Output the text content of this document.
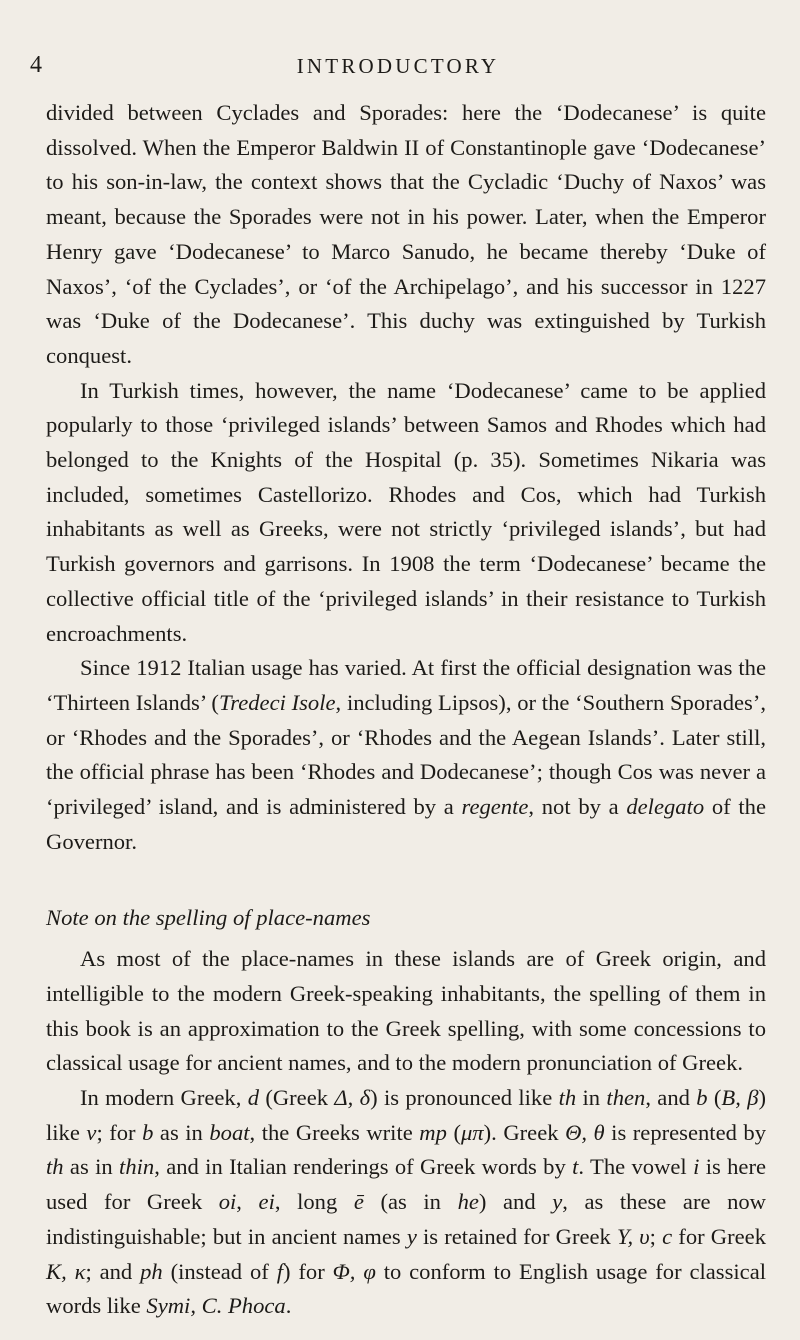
4	INTRODUCTORY

divided between Cyclades and Sporades: here the ‘Dodecanese’ is quite dissolved. When the Emperor Baldwin II of Constantinople gave ‘Dodecanese’ to his son-in-law, the context shows that the Cycladic ‘Duchy of Naxos’ was meant, because the Sporades were not in his power. Later, when the Emperor Henry gave ‘Dodecanese’ to Marco Sanudo, he became thereby ‘Duke of Naxos’, ‘of the Cyclades’, or ‘of the Archipelago’, and his successor in 1227 was ‘Duke of the Dodecanese’. This duchy was extinguished by Turkish conquest.

In Turkish times, however, the name ‘Dodecanese’ came to be applied popularly to those ‘privileged islands’ between Samos and Rhodes which had belonged to the Knights of the Hospital (p. 35). Sometimes Nikaria was included, sometimes Castellorizo. Rhodes and Cos, which had Turkish inhabitants as well as Greeks, were not strictly ‘privileged islands’, but had Turkish governors and garrisons. In 1908 the term ‘Dodecanese’ became the collective official title of the ‘privileged islands’ in their resistance to Turkish encroachments.

Since 1912 Italian usage has varied. At first the official designation was the ‘Thirteen Islands’ (Tredeci Isole, including Lipsos), or the ‘Southern Sporades’, or ‘Rhodes and the Sporades’, or ‘Rhodes and the Aegean Islands’. Later still, the official phrase has been ‘Rhodes and Dodecanese’; though Cos was never a ‘privileged’ island, and is administered by a regente, not by a delegato of the Governor.

Note on the spelling of place-names

As most of the place-names in these islands are of Greek origin, and intelligible to the modern Greek-speaking inhabitants, the spelling of them in this book is an approximation to the Greek spelling, with some concessions to classical usage for ancient names, and to the modern pronunciation of Greek.

In modern Greek, d (Greek Δ, δ) is pronounced like th in then, and b (B, β) like v; for b as in boat, the Greeks write mp (μπ). Greek Θ, θ is represented by th as in thin, and in Italian renderings of Greek words by t. The vowel i is here used for Greek oi, ei, long ē (as in he) and y, as these are now indistinguishable; but in ancient names y is retained for Greek Y, υ; c for Greek K, κ; and ph (instead of f) for Φ, φ to conform to English usage for classical words like Symi, C. Phoca.
